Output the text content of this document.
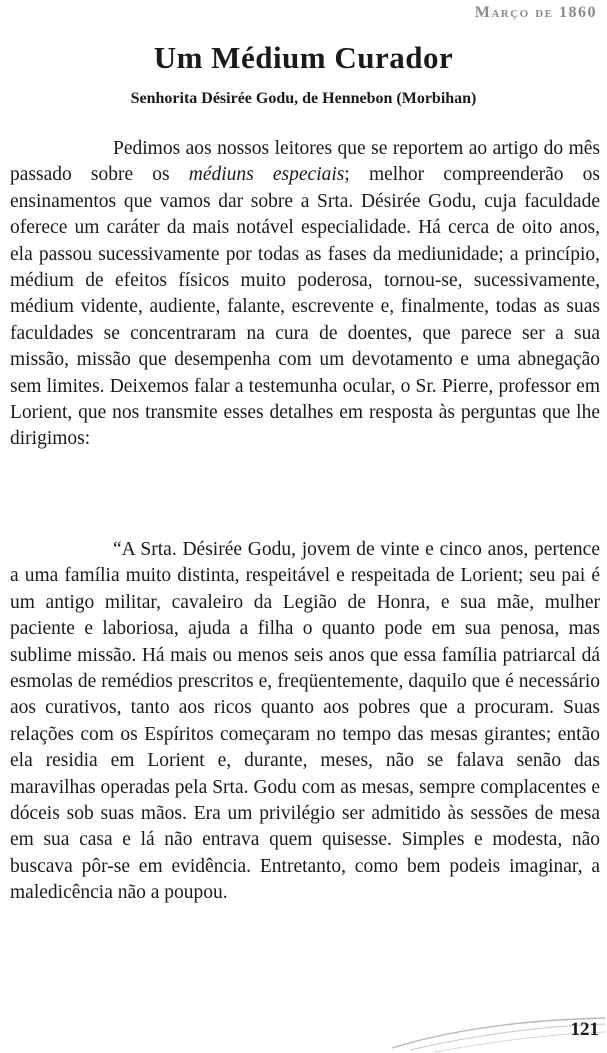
Março de 1860
Um Médium Curador
Senhorita Désirée Godu, de Hennebon (Morbihan)

Pedimos aos nossos leitores que se reportem ao artigo do mês passado sobre os médiuns especiais; melhor compreenderão os ensinamentos que vamos dar sobre a Srta. Désirée Godu, cuja faculdade oferece um caráter da mais notável especialidade. Há cerca de oito anos, ela passou sucessivamente por todas as fases da mediunidade; a princípio, médium de efeitos físicos muito poderosa, tornou-se, sucessivamente, médium vidente, audiente, falante, escrevente e, finalmente, todas as suas faculdades se concentraram na cura de doentes, que parece ser a sua missão, missão que desempenha com um devotamento e uma abnegação sem limites. Deixemos falar a testemunha ocular, o Sr. Pierre, professor em Lorient, que nos transmite esses detalhes em resposta às perguntas que lhe dirigimos:

“A Srta. Désirée Godu, jovem de vinte e cinco anos, pertence a uma família muito distinta, respeitável e respeitada de Lorient; seu pai é um antigo militar, cavaleiro da Legião de Honra, e sua mãe, mulher paciente e laboriosa, ajuda a filha o quanto pode em sua penosa, mas sublime missão. Há mais ou menos seis anos que essa família patriarcal dá esmolas de remédios prescritos e, freqüentemente, daquilo que é necessário aos curativos, tanto aos ricos quanto aos pobres que a procuram. Suas relações com os Espíritos começaram no tempo das mesas girantes; então ela residia em Lorient e, durante, meses, não se falava senão das maravilhas operadas pela Srta. Godu com as mesas, sempre complacentes e dóceis sob suas mãos. Era um privilégio ser admitido às sessões de mesa em sua casa e lá não entrava quem quisesse. Simples e modesta, não buscava pôr-se em evidência. Entretanto, como bem podeis imaginar, a maledicência não a poupou.

121
